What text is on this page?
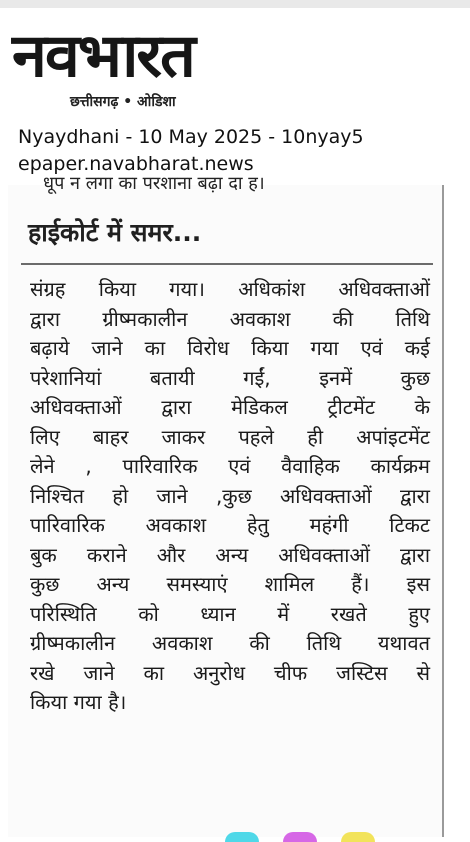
नवभारत
छत्तीसगढ़ • ओडिशा
Nyaydhani - 10 May 2025 - 10nyay5
epaper.navabharat.news
धूप न लगा का परशाना बढ़ा दा ह।
हाईकोर्ट में समर...
संग्रह किया गया। अधिकांश अधिवक्ताओं
द्वारा ग्रीष्मकालीन अवकाश की तिथि
बढ़ाये जाने का विरोध किया गया एवं कई
परेशानियां बतायी गईं, इनमें कुछ
अधिवक्ताओं द्वारा मेडिकल ट्रीटमेंट के
लिए बाहर जाकर पहले ही अपांइटमेंट
लेने , पारिवारिक एवं वैवाहिक कार्यक्रम
निश्चित हो जाने ,कुछ अधिवक्ताओं द्वारा
पारिवारिक अवकाश हेतु महंगी टिकट
बुक कराने और अन्य अधिवक्ताओं द्वारा
कुछ अन्य समस्याएं शामिल हैं। इस
परिस्थिति को ध्यान में रखते हुए
ग्रीष्मकालीन अवकाश की तिथि यथावत
रखे जाने का अनुरोध चीफ जस्टिस से
किया गया है।
